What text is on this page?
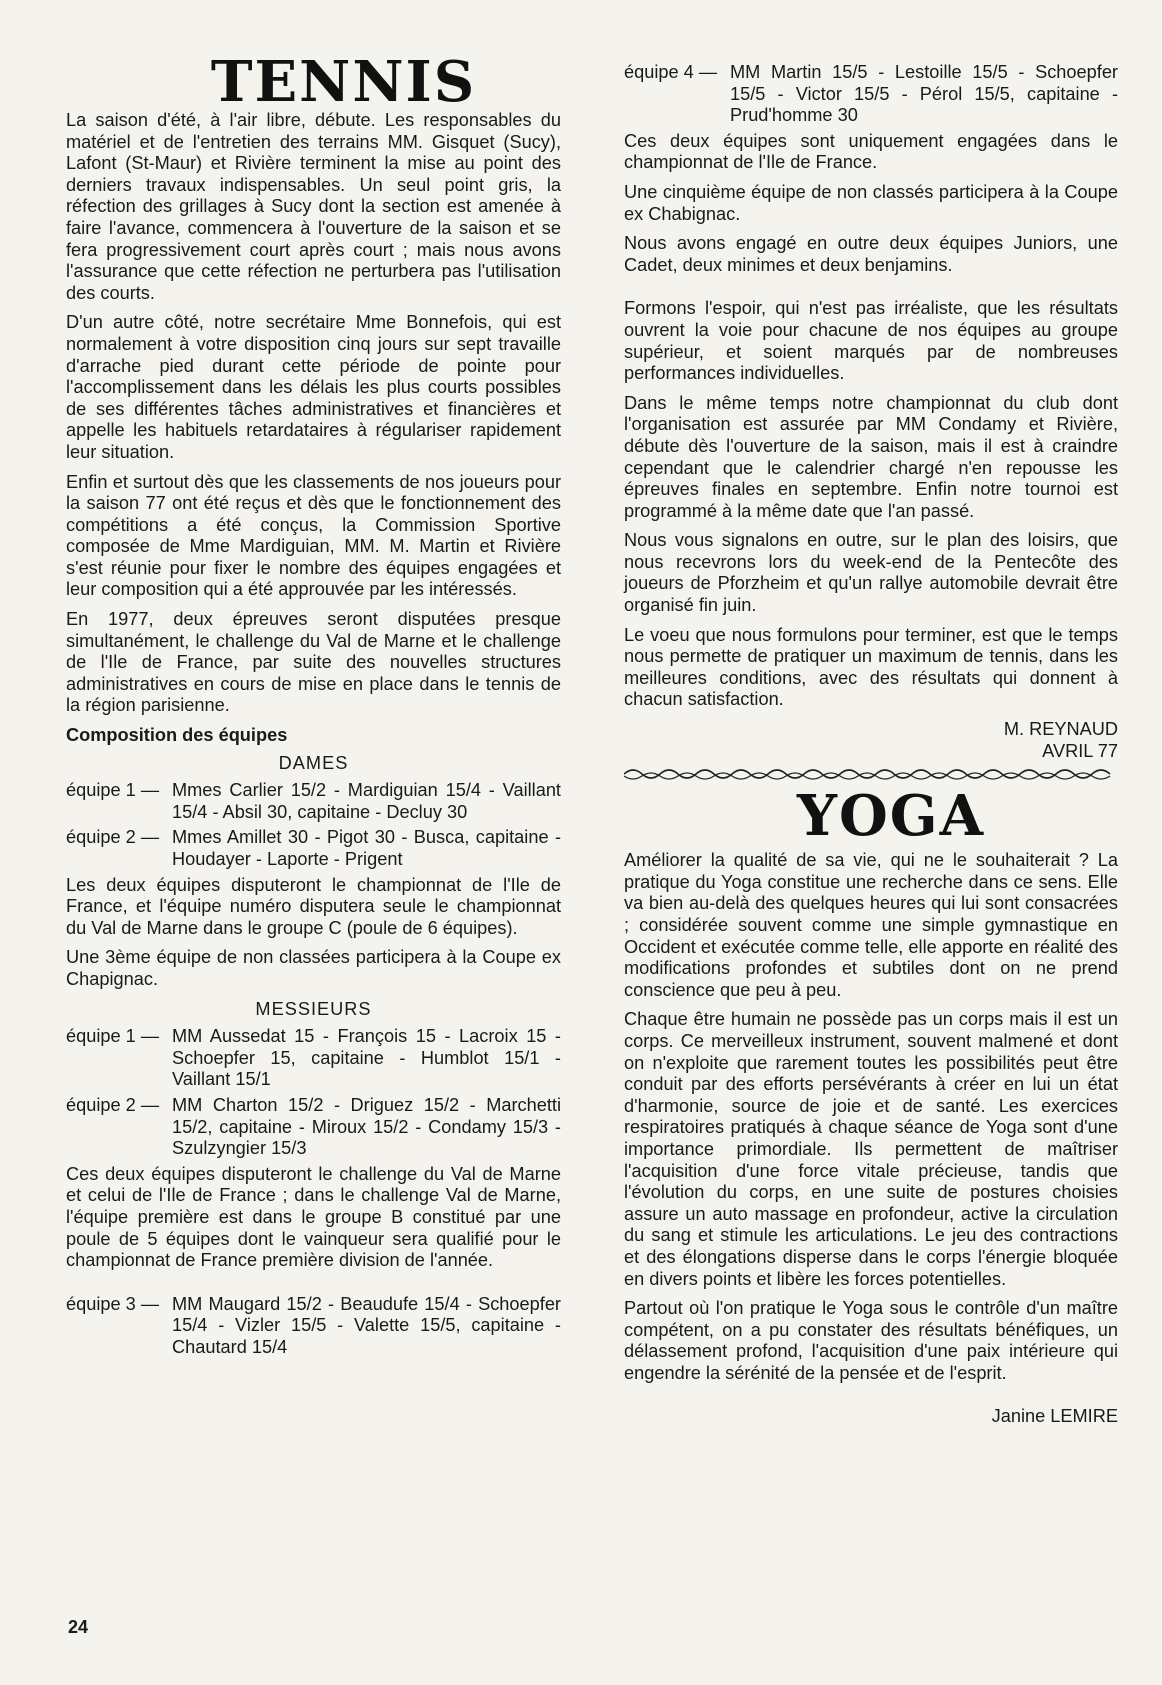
TENNIS

La saison d'été, à l'air libre, débute. Les responsables du matériel et de l'entretien des terrains MM. Gisquet (Sucy), Lafont (St-Maur) et Rivière terminent la mise au point des derniers travaux indispensables. Un seul point gris, la réfection des grillages à Sucy dont la section est amenée à faire l'avance, commencera à l'ouverture de la saison et se fera progressivement court après court ; mais nous avons l'assurance que cette réfection ne perturbera pas l'utilisation des courts.

D'un autre côté, notre secrétaire Mme Bonnefois, qui est normalement à votre disposition cinq jours sur sept travaille d'arrache pied durant cette période de pointe pour l'accomplissement dans les délais les plus courts possibles de ses différentes tâches administratives et financières et appelle les habituels retardataires à régulariser rapidement leur situation.

Enfin et surtout dès que les classements de nos joueurs pour la saison 77 ont été reçus et dès que le fonctionnement des compétitions a été conçus, la Commission Sportive composée de Mme Mardiguian, MM. M. Martin et Rivière s'est réunie pour fixer le nombre des équipes engagées et leur composition qui a été approuvée par les intéressés.

En 1977, deux épreuves seront disputées presque simultanément, le challenge du Val de Marne et le challenge de l'Ile de France, par suite des nouvelles structures administratives en cours de mise en place dans le tennis de la région parisienne.

Composition des équipes
DAMES
équipe 1 — Mmes Carlier 15/2 - Mardiguian 15/4 - Vaillant 15/4 - Absil 30, capitaine - Decluy 30
équipe 2 — Mmes Amillet 30 - Pigot 30 - Busca, capitaine - Houdayer - Laporte - Prigent

Les deux équipes disputeront le championnat de l'Ile de France, et l'équipe numéro disputera seule le championnat du Val de Marne dans le groupe C (poule de 6 équipes).

Une 3ème équipe de non classées participera à la Coupe ex Chapignac.

MESSIEURS
équipe 1 — MM Aussedat 15 - François 15 - Lacroix 15 - Schoepfer 15, capitaine - Humblot 15/1 - Vaillant 15/1
équipe 2 — MM Charton 15/2 - Driguez 15/2 - Marchetti 15/2, capitaine - Miroux 15/2 - Condamy 15/3 - Szulzyngier 15/3

Ces deux équipes disputeront le challenge du Val de Marne et celui de l'Ile de France ; dans le challenge Val de Marne, l'équipe première est dans le groupe B constitué par une poule de 5 équipes dont le vainqueur sera qualifié pour le championnat de France première division de l'année.

équipe 3 — MM Maugard 15/2 - Beaudufe 15/4 - Schoepfer 15/4 - Vizler 15/5 - Valette 15/5, capitaine - Chautard 15/4
équipe 4 — MM Martin 15/5 - Lestoille 15/5 - Schoepfer 15/5 - Victor 15/5 - Pérol 15/5, capitaine - Prud'homme 30

Ces deux équipes sont uniquement engagées dans le championnat de l'Ile de France.

Une cinquième équipe de non classés participera à la Coupe ex Chabignac.

Nous avons engagé en outre deux équipes Juniors, une Cadet, deux minimes et deux benjamins.

Formons l'espoir, qui n'est pas irréaliste, que les résultats ouvrent la voie pour chacune de nos équipes au groupe supérieur, et soient marqués par de nombreuses performances individuelles.

Dans le même temps notre championnat du club dont l'organisation est assurée par MM Condamy et Rivière, débute dès l'ouverture de la saison, mais il est à craindre cependant que le calendrier chargé n'en repousse les épreuves finales en septembre. Enfin notre tournoi est programmé à la même date que l'an passé.

Nous vous signalons en outre, sur le plan des loisirs, que nous recevrons lors du week-end de la Pentecôte des joueurs de Pforzheim et qu'un rallye automobile devrait être organisé fin juin.

Le voeu que nous formulons pour terminer, est que le temps nous permette de pratiquer un maximum de tennis, dans les meilleures conditions, avec des résultats qui donnent à chacun satisfaction.

M. REYNAUD

AVRIL 77

YOGA

Améliorer la qualité de sa vie, qui ne le souhaiterait ? La pratique du Yoga constitue une recherche dans ce sens. Elle va bien au-delà des quelques heures qui lui sont consacrées ; considérée souvent comme une simple gymnastique en Occident et exécutée comme telle, elle apporte en réalité des modifications profondes et subtiles dont on ne prend conscience que peu à peu.

Chaque être humain ne possède pas un corps mais il est un corps. Ce merveilleux instrument, souvent malmené et dont on n'exploite que rarement toutes les possibilités peut être conduit par des efforts persévérants à créer en lui un état d'harmonie, source de joie et de santé. Les exercices respiratoires pratiqués à chaque séance de Yoga sont d'une importance primordiale. Ils permettent de maîtriser l'acquisition d'une force vitale précieuse, tandis que l'évolution du corps, en une suite de postures choisies assure un auto massage en profondeur, active la circulation du sang et stimule les articulations. Le jeu des contractions et des élongations disperse dans le corps l'énergie bloquée en divers points et libère les forces potentielles.

Partout où l'on pratique le Yoga sous le contrôle d'un maître compétent, on a pu constater des résultats bénéfiques, un délassement profond, l'acquisition d'une paix intérieure qui engendre la sérénité de la pensée et de l'esprit.

Janine LEMIRE

24
